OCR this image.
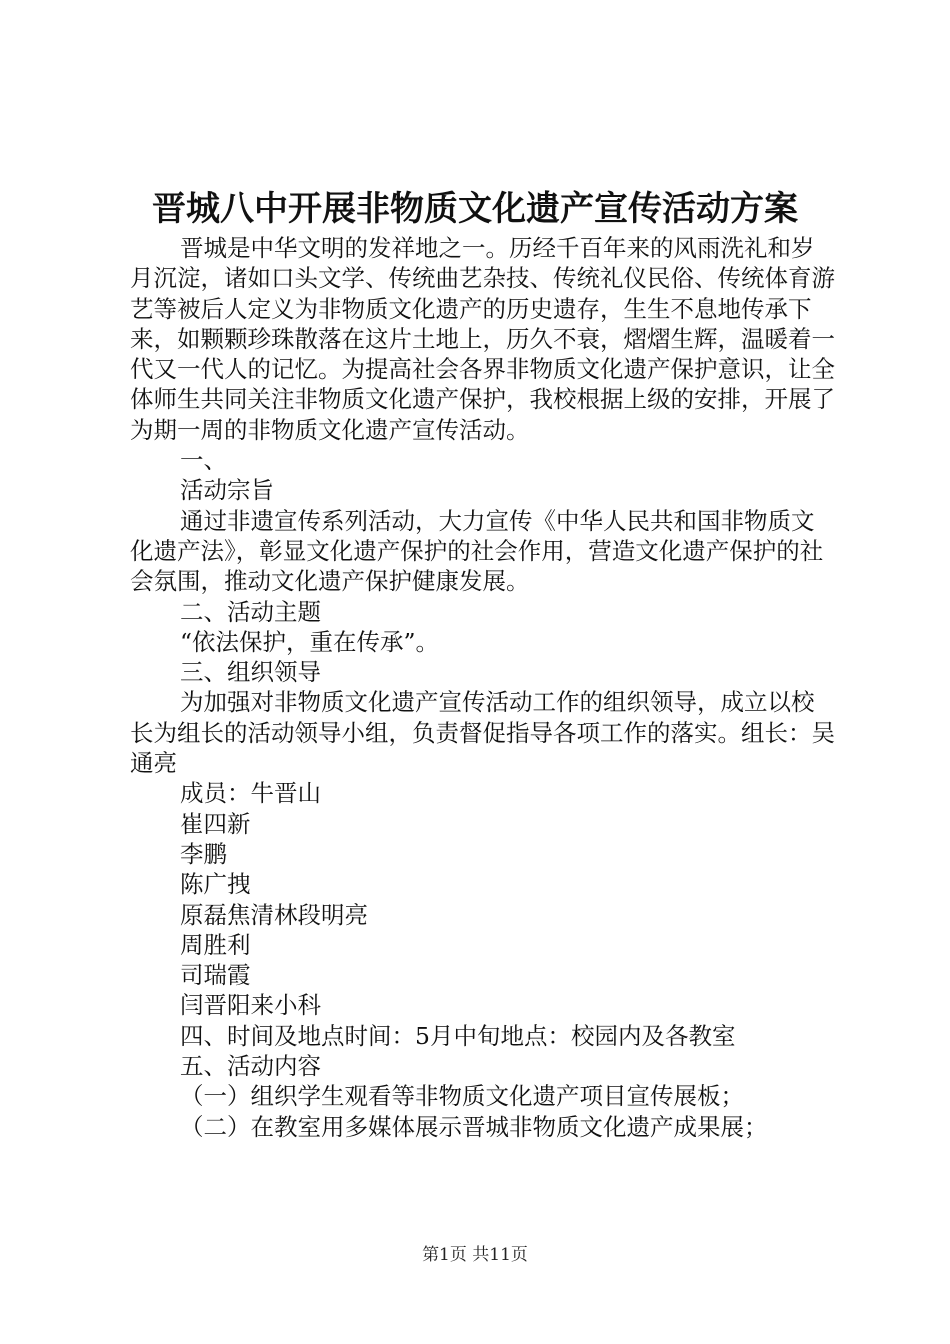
晋城八中开展非物质文化遗产宣传活动方案

晋城是中华文明的发祥地之一。历经千百年来的风雨洗礼和岁月沉淀，诸如口头文学、传统曲艺杂技、传统礼仪民俗、传统体育游艺等被后人定义为非物质文化遗产的历史遗存，生生不息地传承下来，如颗颗珍珠散落在这片土地上，历久不衰，熠熠生辉，温暖着一代又一代人的记忆。为提高社会各界非物质文化遗产保护意识，让全体师生共同关注非物质文化遗产保护，我校根据上级的安排，开展了为期一周的非物质文化遗产宣传活动。

一、

活动宗旨

通过非遗宣传系列活动，大力宣传《中华人民共和国非物质文化遗产法》，彰显文化遗产保护的社会作用，营造文化遗产保护的社会氛围，推动文化遗产保护健康发展。

二、活动主题

“依法保护，重在传承”。

三、组织领导

为加强对非物质文化遗产宣传活动工作的组织领导，成立以校长为组长的活动领导小组，负责督促指导各项工作的落实。组长：吴通亮

成员：牛晋山

崔四新

李鹏

陈广拽

原磊焦清林段明亮

周胜利

司瑞霞

闫晋阳来小科

四、时间及地点时间：5月中旬地点：校园内及各教室

五、活动内容

（一）组织学生观看等非物质文化遗产项目宣传展板；

（二）在教室用多媒体展示晋城非物质文化遗产成果展；

第1页 共11页
